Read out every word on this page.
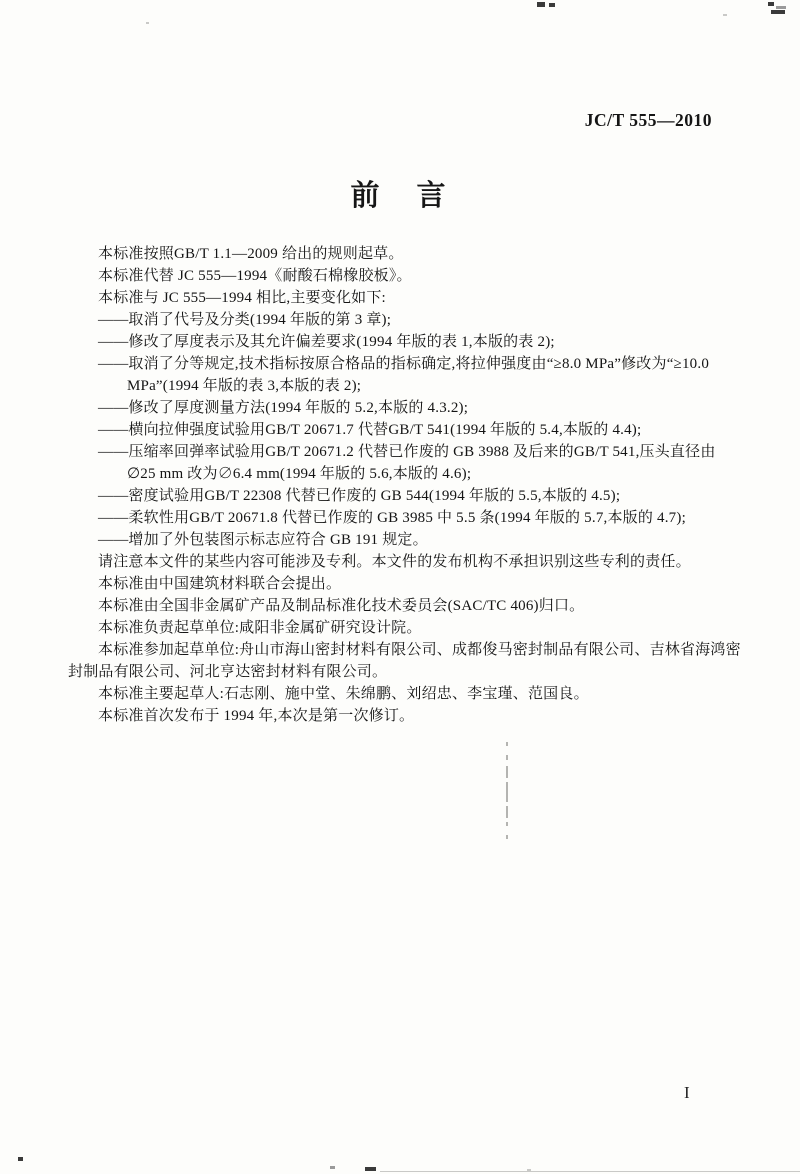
JC/T 555—2010
前　言
本标准按照GB/T 1.1—2009 给出的规则起草。
本标准代替 JC 555—1994《耐酸石棉橡胶板》。
本标准与 JC 555—1994 相比,主要变化如下:
——取消了代号及分类(1994 年版的第 3 章);
——修改了厚度表示及其允许偏差要求(1994 年版的表 1,本版的表 2);
——取消了分等规定,技术指标按原合格品的指标确定,将拉伸强度由“≥8.0 MPa”修改为“≥10.0
MPa”(1994 年版的表 3,本版的表 2);
——修改了厚度测量方法(1994 年版的 5.2,本版的 4.3.2);
——横向拉伸强度试验用GB/T 20671.7 代替GB/T 541(1994 年版的 5.4,本版的 4.4);
——压缩率回弹率试验用GB/T 20671.2 代替已作废的 GB 3988 及后来的GB/T 541,压头直径由
∅25 mm 改为∅6.4 mm(1994 年版的 5.6,本版的 4.6);
——密度试验用GB/T 22308 代替已作废的 GB 544(1994 年版的 5.5,本版的 4.5);
——柔软性用GB/T 20671.8 代替已作废的 GB 3985 中 5.5 条(1994 年版的 5.7,本版的 4.7);
——增加了外包装图示标志应符合 GB 191 规定。
请注意本文件的某些内容可能涉及专利。本文件的发布机构不承担识别这些专利的责任。
本标准由中国建筑材料联合会提出。
本标准由全国非金属矿产品及制品标准化技术委员会(SAC/TC 406)归口。
本标准负责起草单位:咸阳非金属矿研究设计院。
本标准参加起草单位:舟山市海山密封材料有限公司、成都俊马密封制品有限公司、吉林省海鸿密
封制品有限公司、河北亨达密封材料有限公司。
本标准主要起草人:石志刚、施中堂、朱绵鹏、刘绍忠、李宝瑾、范国良。
本标准首次发布于 1994 年,本次是第一次修订。
I
